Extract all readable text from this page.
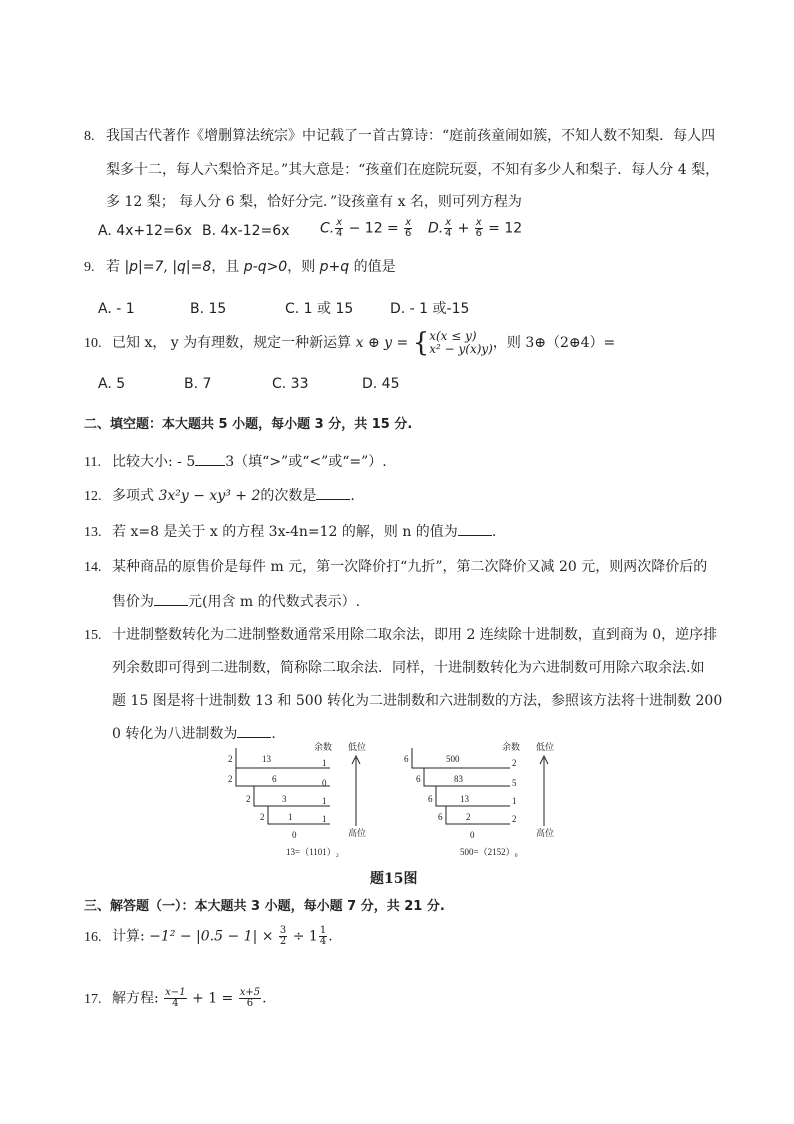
8. 我国古代著作《增删算法统宗》中记载了一首古算诗：“庭前孩童闹如簇，不知人数不知梨．每人四
梨多十二，每人六梨恰齐足。”其大意是：“孩童们在庭院玩耍，不知有多少人和梨子．每人分 4 梨，
多 12 梨； 每人分 6 梨，恰好分完．”设孩童有 x 名，则可列方程为
A. 4x+12=6x B. 4x-12=6x C. $\frac{x}{4} - 12 = \frac{x}{6} D$. $\frac{x}{4} + \frac{x}{6} = 12$
9. 若 |p|=7, |q|=8，且 p-q>0，则 p+q 的值是
A. - 1	B. 15	C. 1 或 15	D. - 1 或-15
10. 已知 x， y 为有理数，规定一种新运算 x ⊕ y = { x(x ≤ y)
x² − y(x)y) ，则 3⊕（2⊕4）=
A. 5	B. 7	C. 33	D. 45
二、填空题：本大题共 5 小题，每小题 3 分，共 15 分.
11. 比较大小: - 5 3（填“>”或“<”或“=”）.
12. 多项式 3x²y − xy³ + 2的次数是 .
13. 若 x=8 是关于 x 的方程 3x-4n=12 的解，则 n 的值为 .
14. 某种商品的原售价是每件 m 元，第一次降价打“九折”，第二次降价又减 20 元，则两次降价后的
售价为 元(用含 m 的代数式表示）.
15. 十进制整数转化为二进制整数通常采用除二取余法，即用 2 连续除十进制数，直到商为 0，逆序排
列余数即可得到二进制数，简称除二取余法．同样，十进制数转化为六进制数可用除六取余法.如
题 15 图是将十进制数 13 和 500 转化为二进制数和六进制数的方法，参照该方法将十进制数 200
0 转化为八进制数为 .
2
2
2
2
13
6
3
1
0
余数 低位
1
0
1
1
高位
13=（1101）₂
6
6
6
6
500
83
13
2
0
余数 低位
2
5
1
2
高位
500=（2152）₆
题15图
三、解答题（一）：本大题共 3 小题，每小题 7 分，共 21 分.
16. 计算: $-1^2 - |0.5 - 1| \times \frac{3}{2} \div 1 \frac{1}{4}$ .
17. 解方程: $\frac{x-1}{4} + 1 = \frac{x+5}{6}$ .
